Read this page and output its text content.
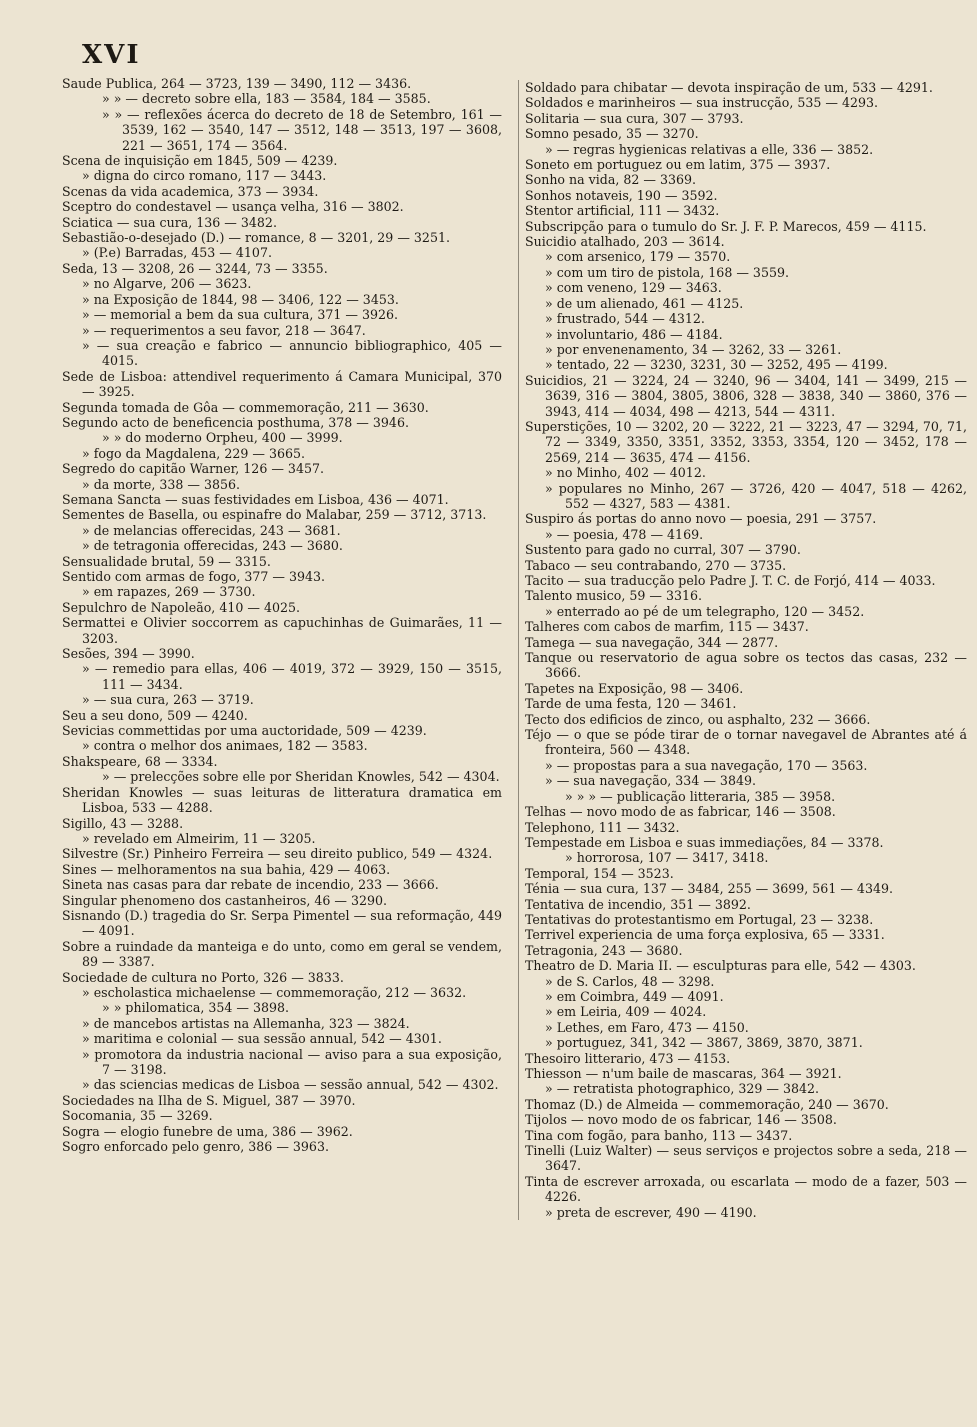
XVI

Saude Publica, 264 — 3723, 139 — 3490, 112 — 3436.

» » — decreto sobre ella, 183 — 3584, 184 — 3585.

» » — reflexões ácerca do decreto de 18 de Setembro, 161 — 3539, 162 — 3540, 147 — 3512, 148 — 3513, 197 — 3608, 221 — 3651, 174 — 3564.

Scena de inquisição em 1845, 509 — 4239.

» digna do circo romano, 117 — 3443.

Scenas da vida academica, 373 — 3934.

Sceptro do condestavel — usança velha, 316 — 3802.

Sciatica — sua cura, 136 — 3482.

Sebastião-o-desejado (D.) — romance, 8 — 3201, 29 — 3251.

» (P.e) Barradas, 453 — 4107.

Seda, 13 — 3208, 26 — 3244, 73 — 3355.

» no Algarve, 206 — 3623.

» na Exposição de 1844, 98 — 3406, 122 — 3453.

» — memorial a bem da sua cultura, 371 — 3926.

» — requerimentos a seu favor, 218 — 3647.

» — sua creação e fabrico — annuncio bibliographico, 405 — 4015.

Sede de Lisboa: attendivel requerimento á Camara Municipal, 370 — 3925.

Segunda tomada de Gôa — commemoração, 211 — 3630.

Segundo acto de beneficencia posthuma, 378 — 3946.

» » do moderno Orpheu, 400 — 3999.

» fogo da Magdalena, 229 — 3665.

Segredo do capitão Warner, 126 — 3457.

» da morte, 338 — 3856.

Semana Sancta — suas festividades em Lisboa, 436 — 4071.

Sementes de Basella, ou espinafre do Malabar, 259 — 3712, 3713.

» de melancias offerecidas, 243 — 3681.

» de tetragonia offerecidas, 243 — 3680.

Sensualidade brutal, 59 — 3315.

Sentido com armas de fogo, 377 — 3943.

» em rapazes, 269 — 3730.

Sepulchro de Napoleão, 410 — 4025.

Sermattei e Olivier soccorrem as capuchinhas de Guimarães, 11 — 3203.

Sesões, 394 — 3990.

» — remedio para ellas, 406 — 4019, 372 — 3929, 150 — 3515, 111 — 3434.

» — sua cura, 263 — 3719.

Seu a seu dono, 509 — 4240.

Sevicias commettidas por uma auctoridade, 509 — 4239.

» contra o melhor dos animaes, 182 — 3583.

Shakspeare, 68 — 3334.

» — prelecções sobre elle por Sheridan Knowles, 542 — 4304.

Sheridan Knowles — suas leituras de litteratura dramatica em Lisboa, 533 — 4288.

Sigillo, 43 — 3288.

» revelado em Almeirim, 11 — 3205.

Silvestre (Sr.) Pinheiro Ferreira — seu direito publico, 549 — 4324.

Sines — melhoramentos na sua bahia, 429 — 4063.

Sineta nas casas para dar rebate de incendio, 233 — 3666.

Singular phenomeno dos castanheiros, 46 — 3290.

Sisnando (D.) tragedia do Sr. Serpa Pimentel — sua reformação, 449 — 4091.

Sobre a ruindade da manteiga e do unto, como em geral se vendem, 89 — 3387.

Sociedade de cultura no Porto, 326 — 3833.

» escholastica michaelense — commemoração, 212 — 3632.

» » philomatica, 354 — 3898.

» de mancebos artistas na Allemanha, 323 — 3824.

» maritima e colonial — sua sessão annual, 542 — 4301.

» promotora da industria nacional — aviso para a sua exposição, 7 — 3198.

» das sciencias medicas de Lisboa — sessão annual, 542 — 4302.

Sociedades na Ilha de S. Miguel, 387 — 3970.

Socomania, 35 — 3269.

Sogra — elogio funebre de uma, 386 — 3962.

Sogro enforcado pelo genro, 386 — 3963.

Soldado para chibatar — devota inspiração de um, 533 — 4291.

Soldados e marinheiros — sua instrucção, 535 — 4293.

Solitaria — sua cura, 307 — 3793.

Somno pesado, 35 — 3270.

» — regras hygienicas relativas a elle, 336 — 3852.

Soneto em portuguez ou em latim, 375 — 3937.

Sonho na vida, 82 — 3369.

Sonhos notaveis, 190 — 3592.

Stentor artificial, 111 — 3432.

Subscripção para o tumulo do Sr. J. F. P. Marecos, 459 — 4115.

Suicidio atalhado, 203 — 3614.

» com arsenico, 179 — 3570.

» com um tiro de pistola, 168 — 3559.

» com veneno, 129 — 3463.

» de um alienado, 461 — 4125.

» frustrado, 544 — 4312.

» involuntario, 486 — 4184.

» por envenenamento, 34 — 3262, 33 — 3261.

» tentado, 22 — 3230, 3231, 30 — 3252, 495 — 4199.

Suicidios, 21 — 3224, 24 — 3240, 96 — 3404, 141 — 3499, 215 — 3639, 316 — 3804, 3805, 3806, 328 — 3838, 340 — 3860, 376 — 3943, 414 — 4034, 498 — 4213, 544 — 4311.

Superstições, 10 — 3202, 20 — 3222, 21 — 3223, 47 — 3294, 70, 71, 72 — 3349, 3350, 3351, 3352, 3353, 3354, 120 — 3452, 178 — 2569, 214 — 3635, 474 — 4156.

» no Minho, 402 — 4012.

» populares no Minho, 267 — 3726, 420 — 4047, 518 — 4262, 552 — 4327, 583 — 4381.

Suspiro ás portas do anno novo — poesia, 291 — 3757.

» — poesia, 478 — 4169.

Sustento para gado no curral, 307 — 3790.

Tabaco — seu contrabando, 270 — 3735.

Tacito — sua traducção pelo Padre J. T. C. de Forjó, 414 — 4033.

Talento musico, 59 — 3316.

» enterrado ao pé de um telegrapho, 120 — 3452.

Talheres com cabos de marfim, 115 — 3437.

Tamega — sua navegação, 344 — 2877.

Tanque ou reservatorio de agua sobre os tectos das casas, 232 — 3666.

Tapetes na Exposição, 98 — 3406.

Tarde de uma festa, 120 — 3461.

Tecto dos edificios de zinco, ou asphalto, 232 — 3666.

Téjo — o que se póde tirar de o tornar navegavel de Abrantes até á fronteira, 560 — 4348.

» — propostas para a sua navegação, 170 — 3563.

» — sua navegação, 334 — 3849.

» » » — publicação litteraria, 385 — 3958.

Telhas — novo modo de as fabricar, 146 — 3508.

Telephono, 111 — 3432.

Tempestade em Lisboa e suas immediações, 84 — 3378.

» horrorosa, 107 — 3417, 3418.

Temporal, 154 — 3523.

Ténia — sua cura, 137 — 3484, 255 — 3699, 561 — 4349.

Tentativa de incendio, 351 — 3892.

Tentativas do protestantismo em Portugal, 23 — 3238.

Terrivel experiencia de uma força explosiva, 65 — 3331.

Tetragonia, 243 — 3680.

Theatro de D. Maria II. — esculpturas para elle, 542 — 4303.

» de S. Carlos, 48 — 3298.

» em Coimbra, 449 — 4091.

» em Leiria, 409 — 4024.

» Lethes, em Faro, 473 — 4150.

» portuguez, 341, 342 — 3867, 3869, 3870, 3871.

Thesoiro litterario, 473 — 4153.

Thiesson — n'um baile de mascaras, 364 — 3921.

» — retratista photographico, 329 — 3842.

Thomaz (D.) de Almeida — commemoração, 240 — 3670.

Tijolos — novo modo de os fabricar, 146 — 3508.

Tina com fogão, para banho, 113 — 3437.

Tinelli (Luiz Walter) — seus serviços e projectos sobre a seda, 218 — 3647.

Tinta de escrever arroxada, ou escarlata — modo de a fazer, 503 — 4226.

» preta de escrever, 490 — 4190.
